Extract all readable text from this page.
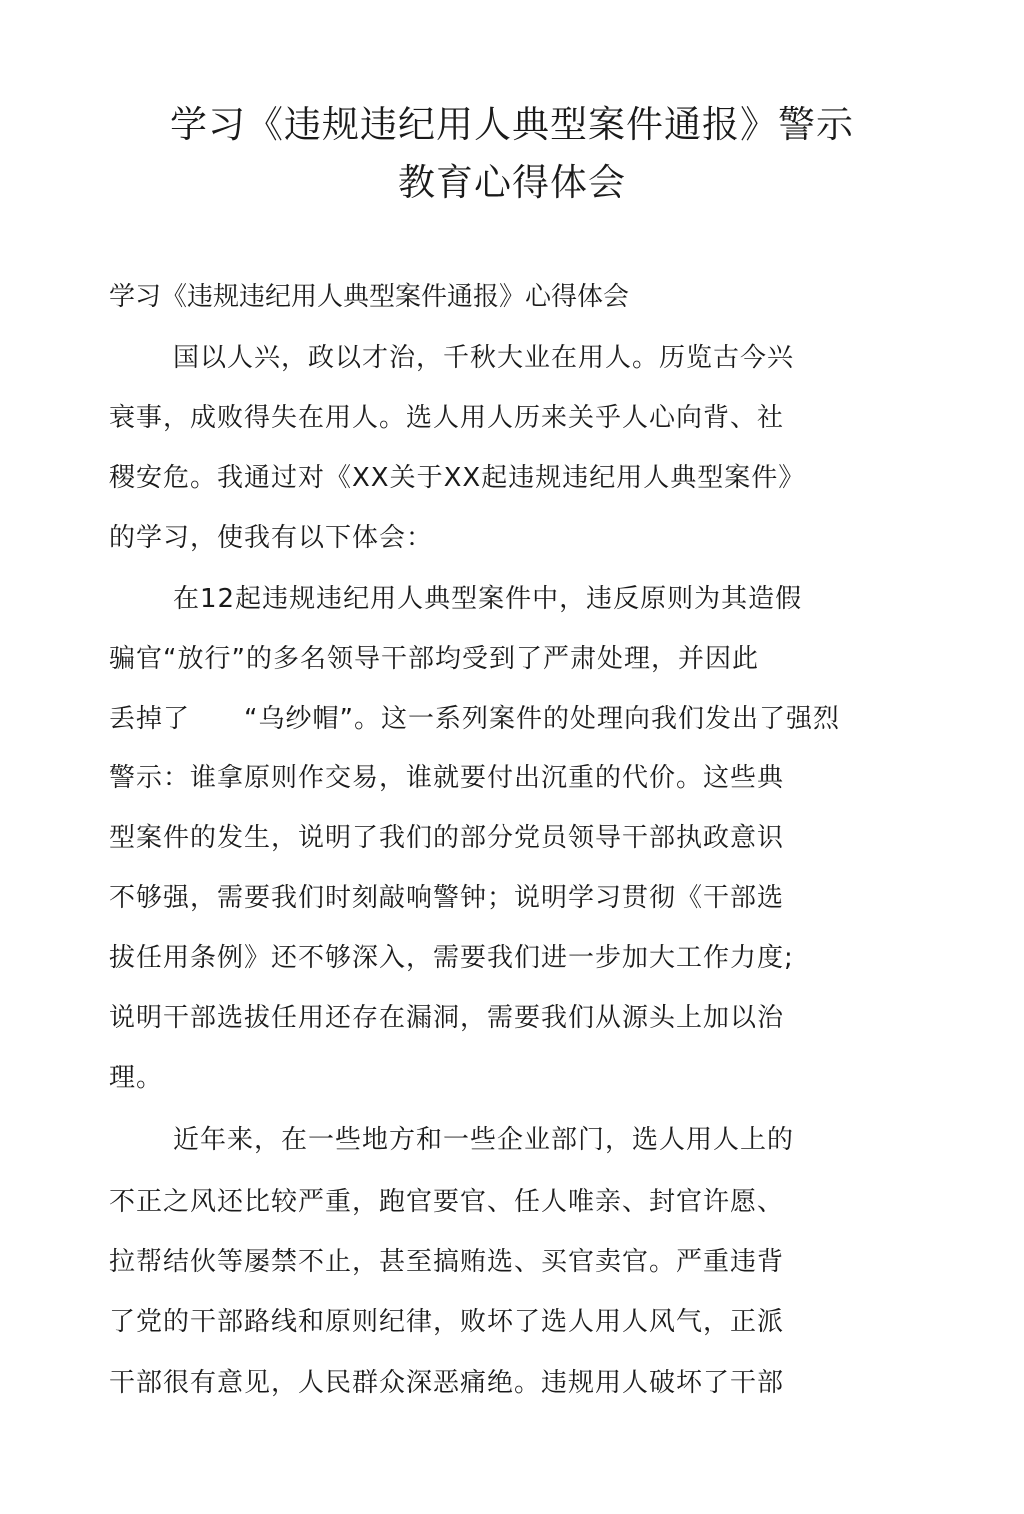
学习《违规违纪用人典型案件通报》警示
教育心得体会
学习《违规违纪用人典型案件通报》心得体会
国以人兴，政以才治，千秋大业在用人。历览古今兴
衰事，成败得失在用人。选人用人历来关乎人心向背、社
稷安危。我通过对《XX关于XX起违规违纪用人典型案件》
的学习，使我有以下体会：
在12起违规违纪用人典型案件中，违反原则为其造假
骗官“放行”的多名领导干部均受到了严肃处理，并因此
丢掉了　　“乌纱帽”。这一系列案件的处理向我们发出了强烈
警示：谁拿原则作交易，谁就要付出沉重的代价。这些典
型案件的发生，说明了我们的部分党员领导干部执政意识
不够强，需要我们时刻敲响警钟；说明学习贯彻《干部选
拔任用条例》还不够深入，需要我们进一步加大工作力度;
说明干部选拔任用还存在漏洞，需要我们从源头上加以治
理。
近年来，在一些地方和一些企业部门，选人用人上的
不正之风还比较严重，跑官要官、任人唯亲、封官许愿、
拉帮结伙等屡禁不止，甚至搞贿选、买官卖官。严重违背
了党的干部路线和原则纪律，败坏了选人用人风气，正派
干部很有意见，人民群众深恶痛绝。违规用人破坏了干部
